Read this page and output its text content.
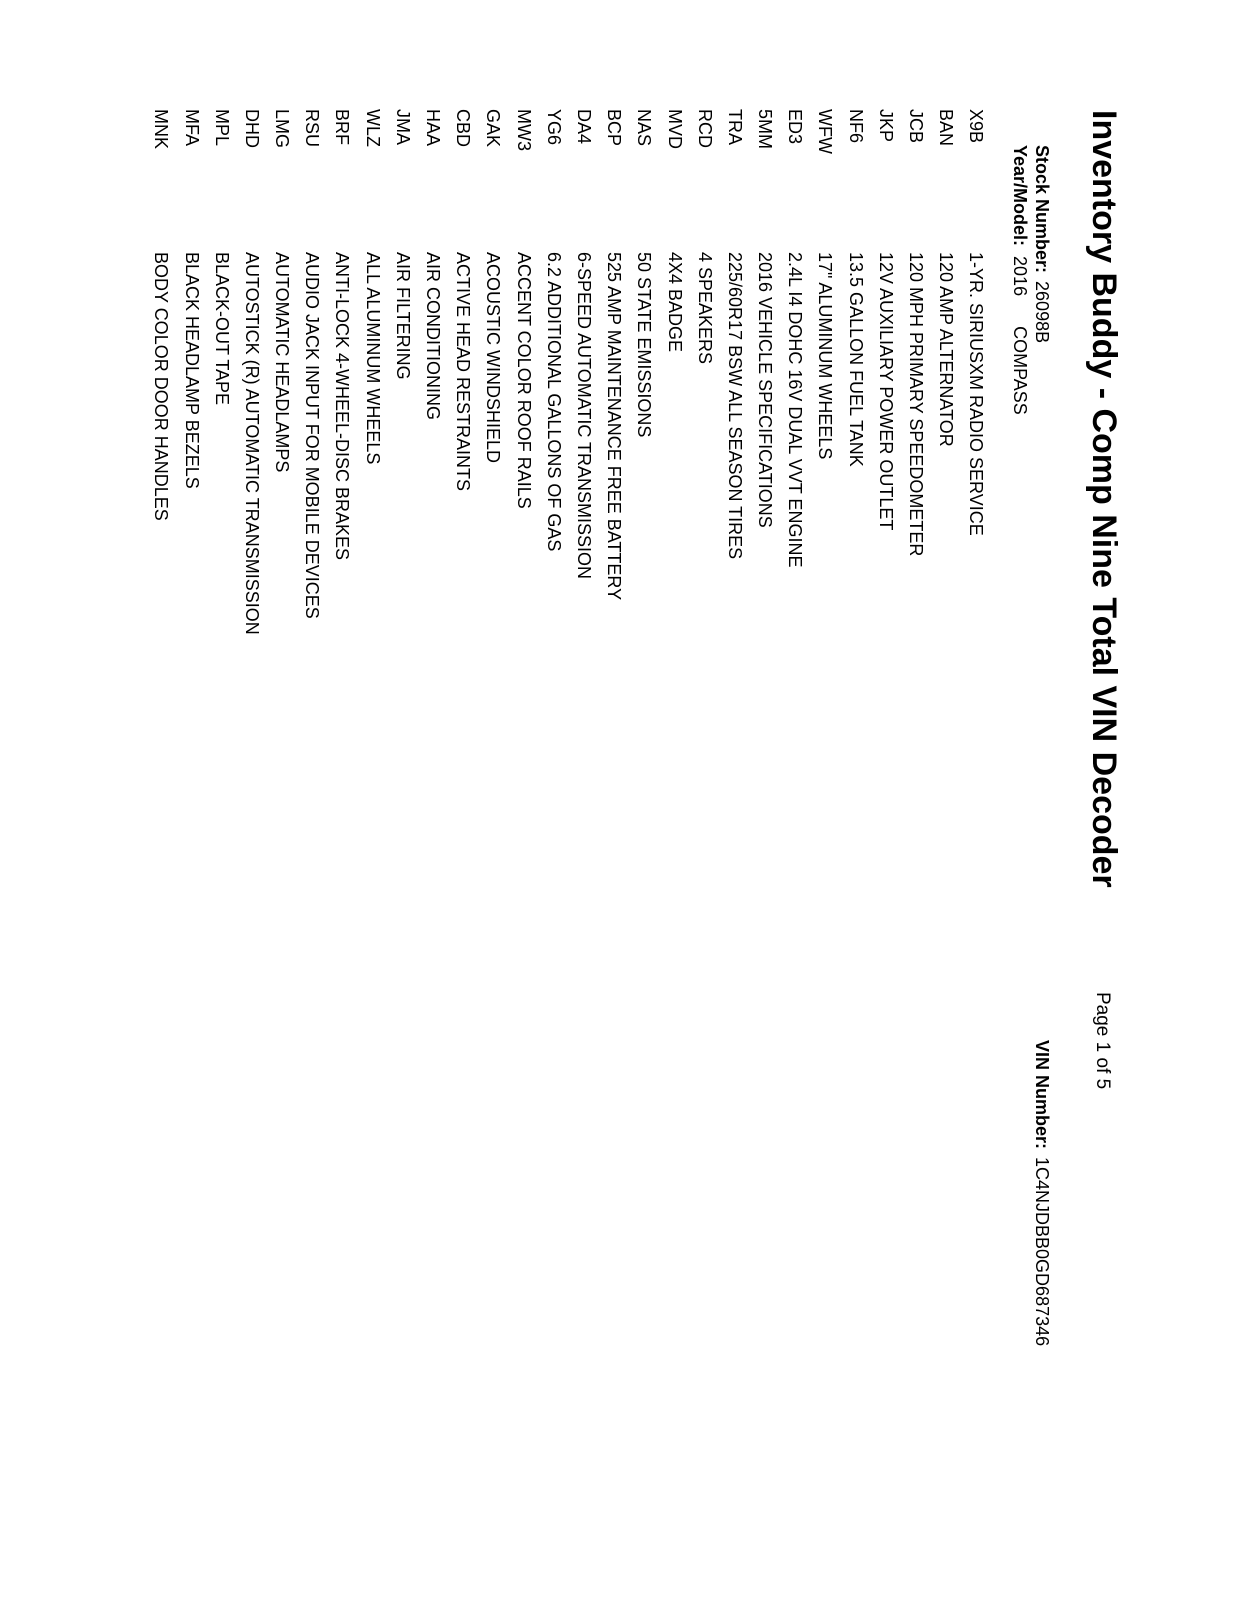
Inventory Buddy - Comp Nine Total VIN Decoder
Page 1 of 5
Stock Number:26098B
VIN Number:1C4NJDBB0GD687346
Year/Model:2016COMPASS
X9B
1-YR. SIRIUSXM RADIO SERVICE
BAN
120 AMP ALTERNATOR
JCB
120 MPH PRIMARY SPEEDOMETER
JKP
12V AUXILIARY POWER OUTLET
NF6
13.5 GALLON FUEL TANK
WFW
17" ALUMINUM WHEELS
ED3
2.4L I4 DOHC 16V DUAL VVT ENGINE
5MM
2016 VEHICLE SPECIFICATIONS
TRA
225/60R17 BSW ALL SEASON TIRES
RCD
4 SPEAKERS
MVD
4X4 BADGE
NAS
50 STATE EMISSIONS
BCP
525 AMP MAINTENANCE FREE BATTERY
DA4
6-SPEED AUTOMATIC TRANSMISSION
YG6
6.2 ADDITIONAL GALLONS OF GAS
MW3
ACCENT COLOR ROOF RAILS
GAK
ACOUSTIC WINDSHIELD
CBD
ACTIVE HEAD RESTRAINTS
HAA
AIR CONDITIONING
JMA
AIR FILTERING
WLZ
ALL ALUMINUM WHEELS
BRF
ANTI-LOCK 4-WHEEL-DISC BRAKES
RSU
AUDIO JACK INPUT FOR MOBILE DEVICES
LMG
AUTOMATIC HEADLAMPS
DHD
AUTOSTICK (R) AUTOMATIC TRANSMISSION
MPL
BLACK-OUT TAPE
MFA
BLACK HEADLAMP BEZELS
MNK
BODY COLOR DOOR HANDLES
